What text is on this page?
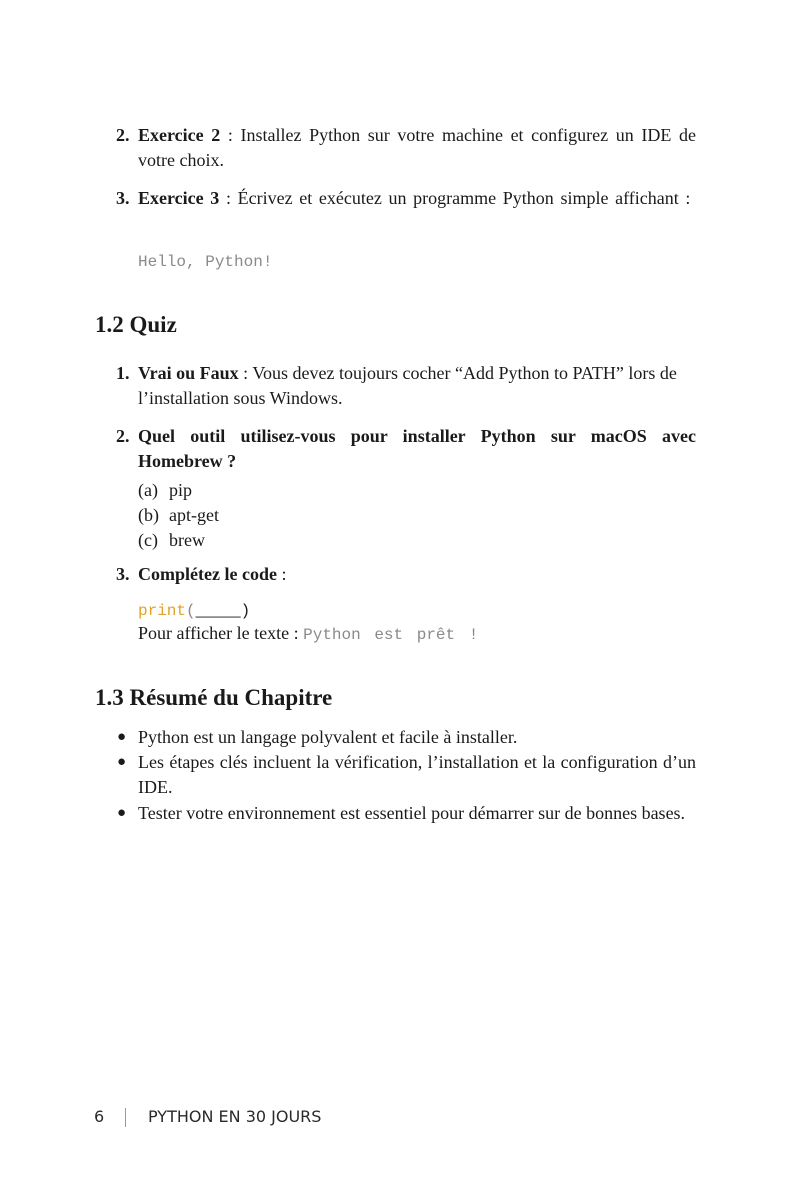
2. Exercice 2 : Installez Python sur votre machine et configurez un IDE de votre choix.
3. Exercice 3 : Écrivez et exécutez un programme Python simple affichant :
Hello, Python!
1.2 Quiz
1. Vrai ou Faux : Vous devez toujours cocher “Add Python to PATH” lors de l’installation sous Windows.
2. Quel outil utilisez-vous pour installer Python sur macOS avec Homebrew ?
(a) pip
(b) apt-get
(c) brew
3. Complétez le code :
print(_____)
Pour afficher le texte : Python est prêt !
1.3 Résumé du Chapitre
● Python est un langage polyvalent et facile à installer.
● Les étapes clés incluent la vérification, l’installation et la configuration d’un IDE.
● Tester votre environnement est essentiel pour démarrer sur de bonnes bases.
6	PYTHON EN 30 JOURS
